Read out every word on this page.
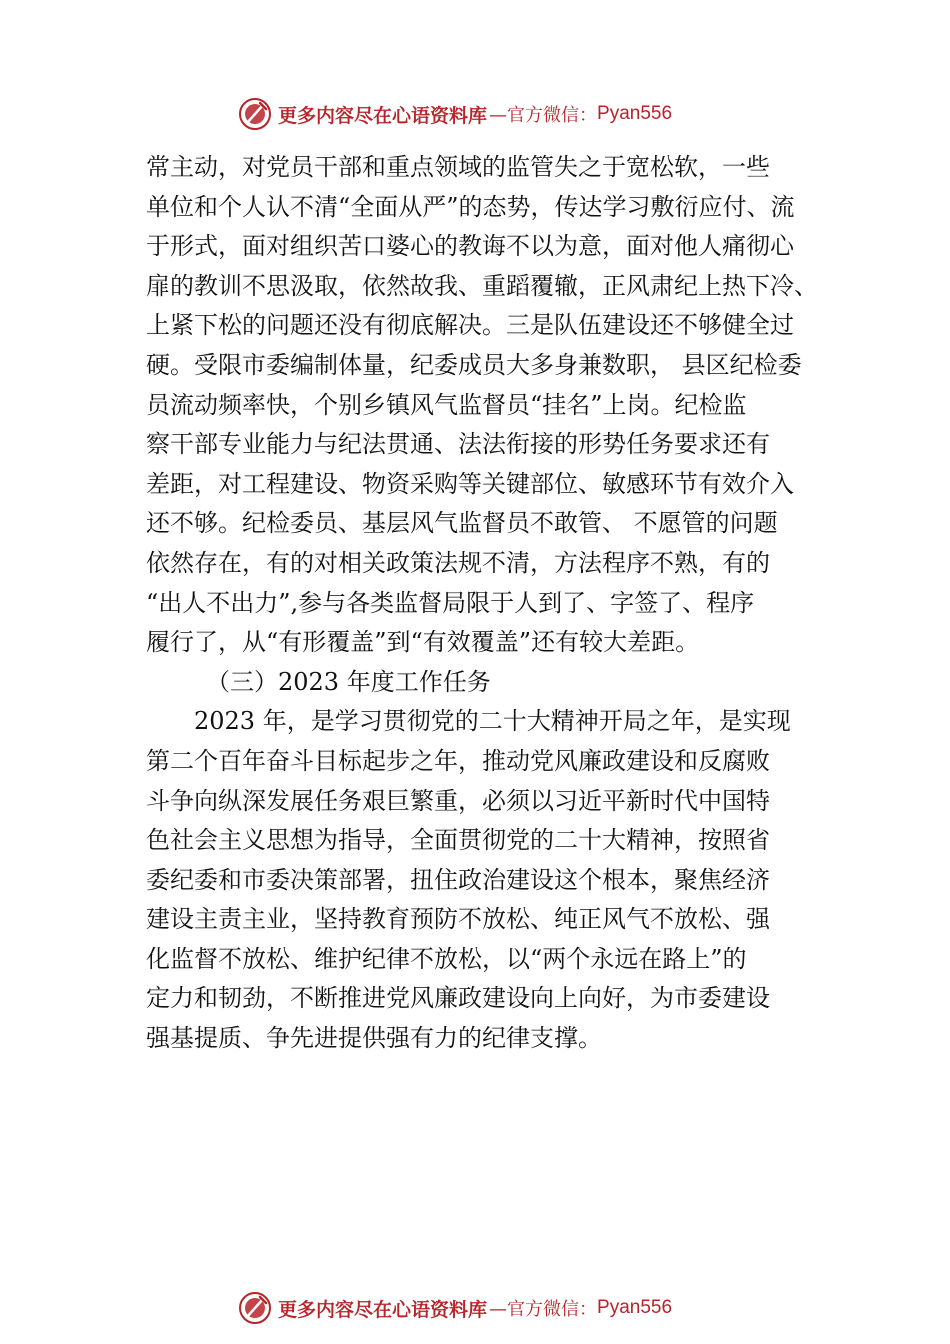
更多内容尽在心语资料库 —官方微信： Pyan556
常主动，对党员干部和重点领域的监管失之于宽松软，一些
单位和个人认不清“全面从严”的态势，传达学习敷衍应付、流
于形式，面对组织苦口婆心的教诲不以为意，面对他人痛彻心
扉的教训不思汲取，依然故我、重蹈覆辙，正风肃纪上热下冷、
上紧下松的问题还没有彻底解决。三是队伍建设还不够健全过
硬。受限市委编制体量，纪委成员大多身兼数职， 县区纪检委
员流动频率快，个别乡镇风气监督员“挂名”上岗。纪检监
察干部专业能力与纪法贯通、法法衔接的形势任务要求还有
差距，对工程建设、物资采购等关键部位、敏感环节有效介入
还不够。纪检委员、基层风气监督员不敢管、 不愿管的问题
依然存在，有的对相关政策法规不清，方法程序不熟，有的
“出人不出力”,参与各类监督局限于人到了、字签了、程序
履行了，从“有形覆盖”到“有效覆盖”还有较大差距。
（三）2023 年度工作任务
2023 年，是学习贯彻党的二十大精神开局之年，是实现
第二个百年奋斗目标起步之年，推动党风廉政建设和反腐败
斗争向纵深发展任务艰巨繁重，必须以习近平新时代中国特
色社会主义思想为指导，全面贯彻党的二十大精神，按照省
委纪委和市委决策部署，扭住政治建设这个根本，聚焦经济
建设主责主业，坚持教育预防不放松、纯正风气不放松、强
化监督不放松、维护纪律不放松，以“两个永远在路上”的
定力和韧劲，不断推进党风廉政建设向上向好，为市委建设
强基提质、争先进提供强有力的纪律支撑。
更多内容尽在心语资料库 —官方微信： Pyan556
